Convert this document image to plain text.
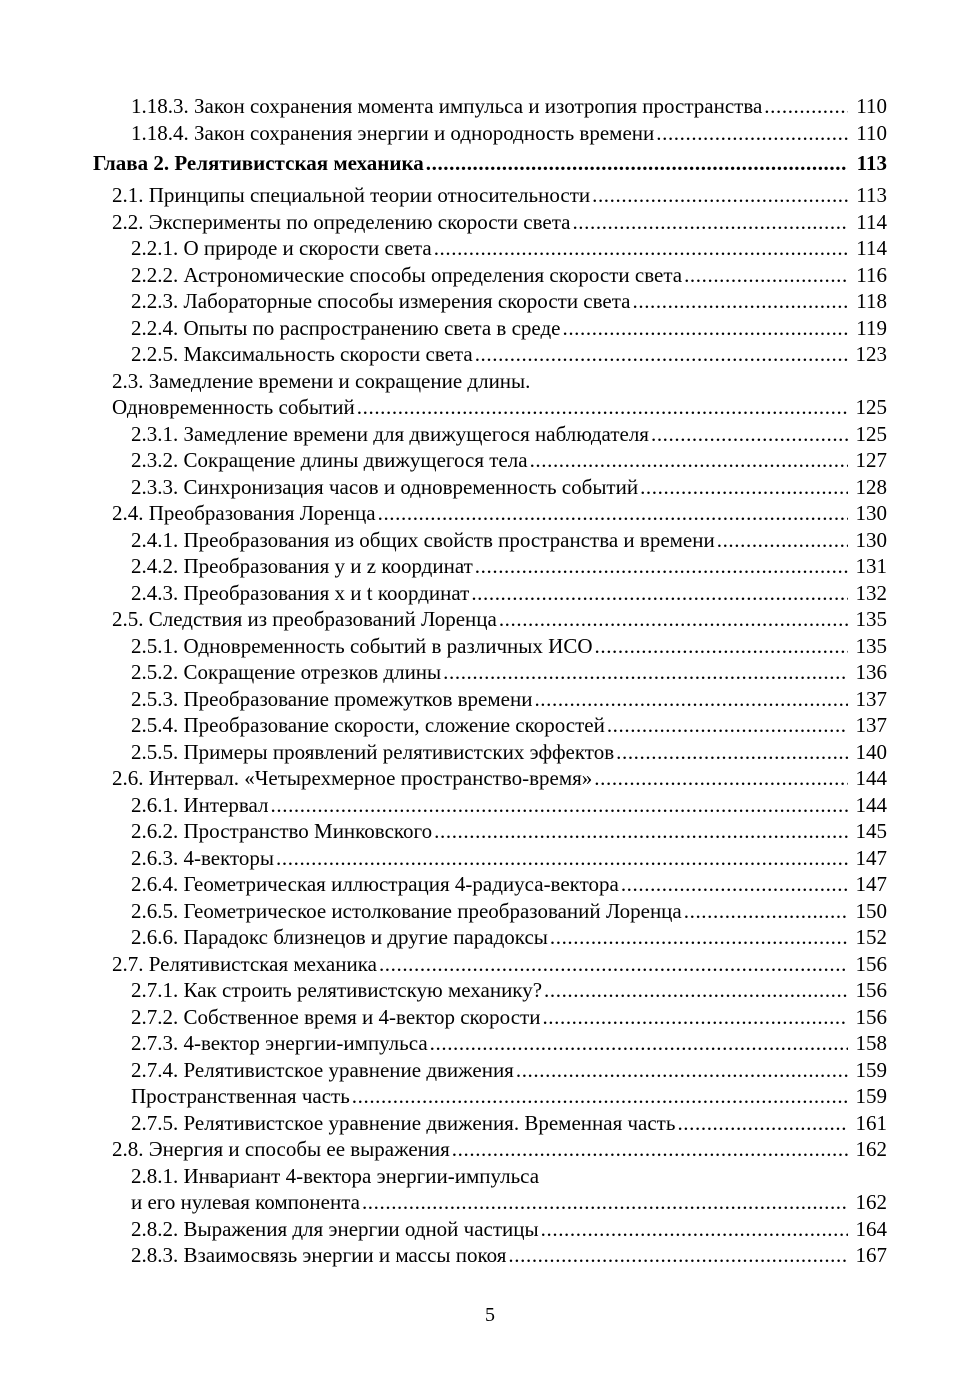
1.18.3. Закон сохранения момента импульса и изотропия пространства .....	110
1.18.4. Закон сохранения энергии и однородность времени .....	110
Глава 2. Релятивистская механика .....	113
2.1. Принципы специальной теории относительности .....	113
2.2. Эксперименты по определению скорости света .....	114
2.2.1. О природе и скорости света .....	114
2.2.2. Астрономические способы определения скорости света .....	116
2.2.3. Лабораторные способы измерения скорости света .....	118
2.2.4. Опыты по распространению света в среде .....	119
2.2.5. Максимальность скорости света .....	123
2.3. Замедление времени и сокращение длины.
Одновременность событий .....	125
2.3.1. Замедление времени для движущегося наблюдателя .....	125
2.3.2. Сокращение длины движущегося тела .....	127
2.3.3. Синхронизация часов и одновременность событий .....	128
2.4. Преобразования Лоренца .....	130
2.4.1. Преобразования из общих свойств пространства и времени .....	130
2.4.2. Преобразования y и z координат .....	131
2.4.3. Преобразования x и t координат .....	132
2.5. Следствия из преобразований Лоренца .....	135
2.5.1. Одновременность событий в различных ИСО .....	135
2.5.2. Сокращение отрезков длины .....	136
2.5.3. Преобразование промежутков времени .....	137
2.5.4. Преобразование скорости, сложение скоростей .....	137
2.5.5. Примеры проявлений релятивистских эффектов .....	140
2.6. Интервал. «Четырехмерное пространство-время» .....	144
2.6.1. Интервал .....	144
2.6.2. Пространство Минковского .....	145
2.6.3. 4-векторы .....	147
2.6.4. Геометрическая иллюстрация 4-радиуса-вектора .....	147
2.6.5. Геометрическое истолкование преобразований Лоренца .....	150
2.6.6. Парадокс близнецов и другие парадоксы .....	152
2.7. Релятивистская механика .....	156
2.7.1. Как строить релятивистскую механику? .....	156
2.7.2. Собственное время и 4-вектор скорости .....	156
2.7.3. 4-вектор энергии-импульса .....	158
2.7.4. Релятивистское уравнение движения .....	159
Пространственная часть .....	159
2.7.5. Релятивистское уравнение движения. Временная часть .....	161
2.8. Энергия и способы ее выражения .....	162
2.8.1. Инвариант 4-вектора энергии-импульса
и его нулевая компонента .....	162
2.8.2. Выражения для энергии одной частицы .....	164
2.8.3. Взаимосвязь энергии и массы покоя .....	167
5
